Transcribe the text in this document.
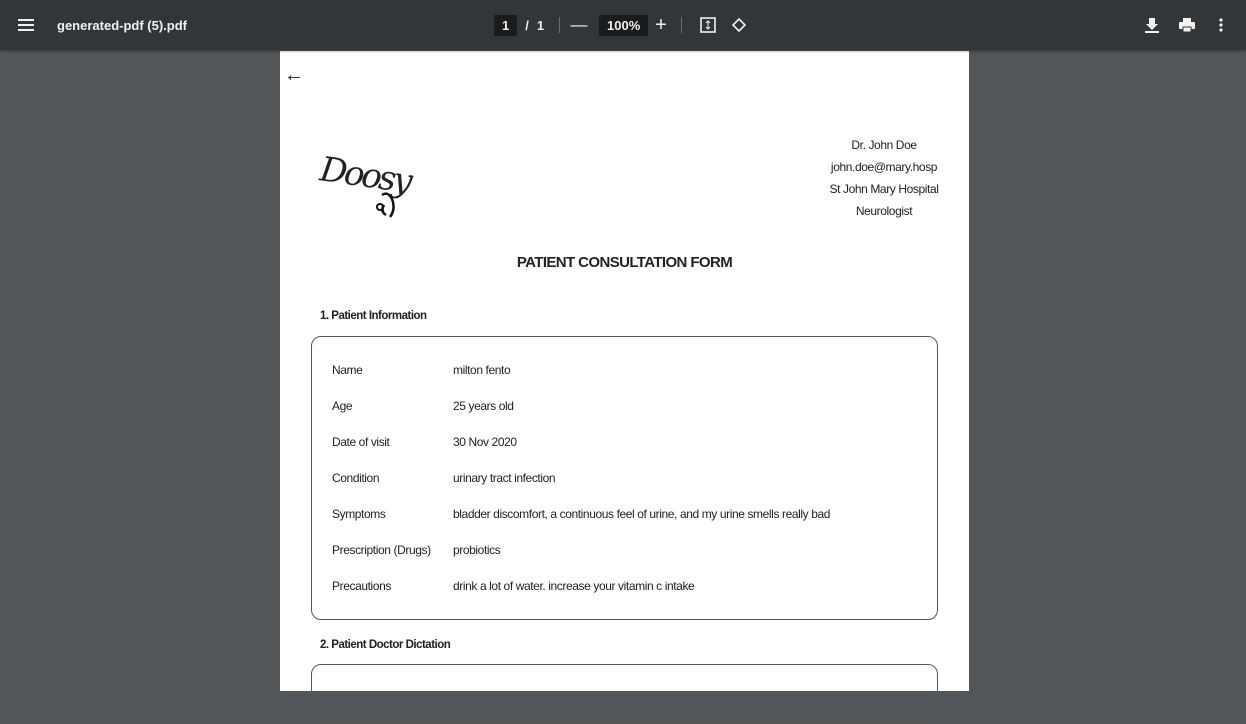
generated-pdf (5).pdf	1	/ 1 —	100% +
←
Doosy
Dr. John Doe
john.doe@mary.hosp
St John Mary Hospital
Neurologist
PATIENT CONSULTATION FORM
1. Patient Information
Name	milton fento
Age	25 years old
Date of visit	30 Nov 2020
Condition	urinary tract infection
Symptoms	bladder discomfort, a continuous feel of urine, and my urine smells really bad
Prescription (Drugs)	probiotics
Precautions	drink a lot of water. increase your vitamin c intake
2. Patient Doctor Dictation
